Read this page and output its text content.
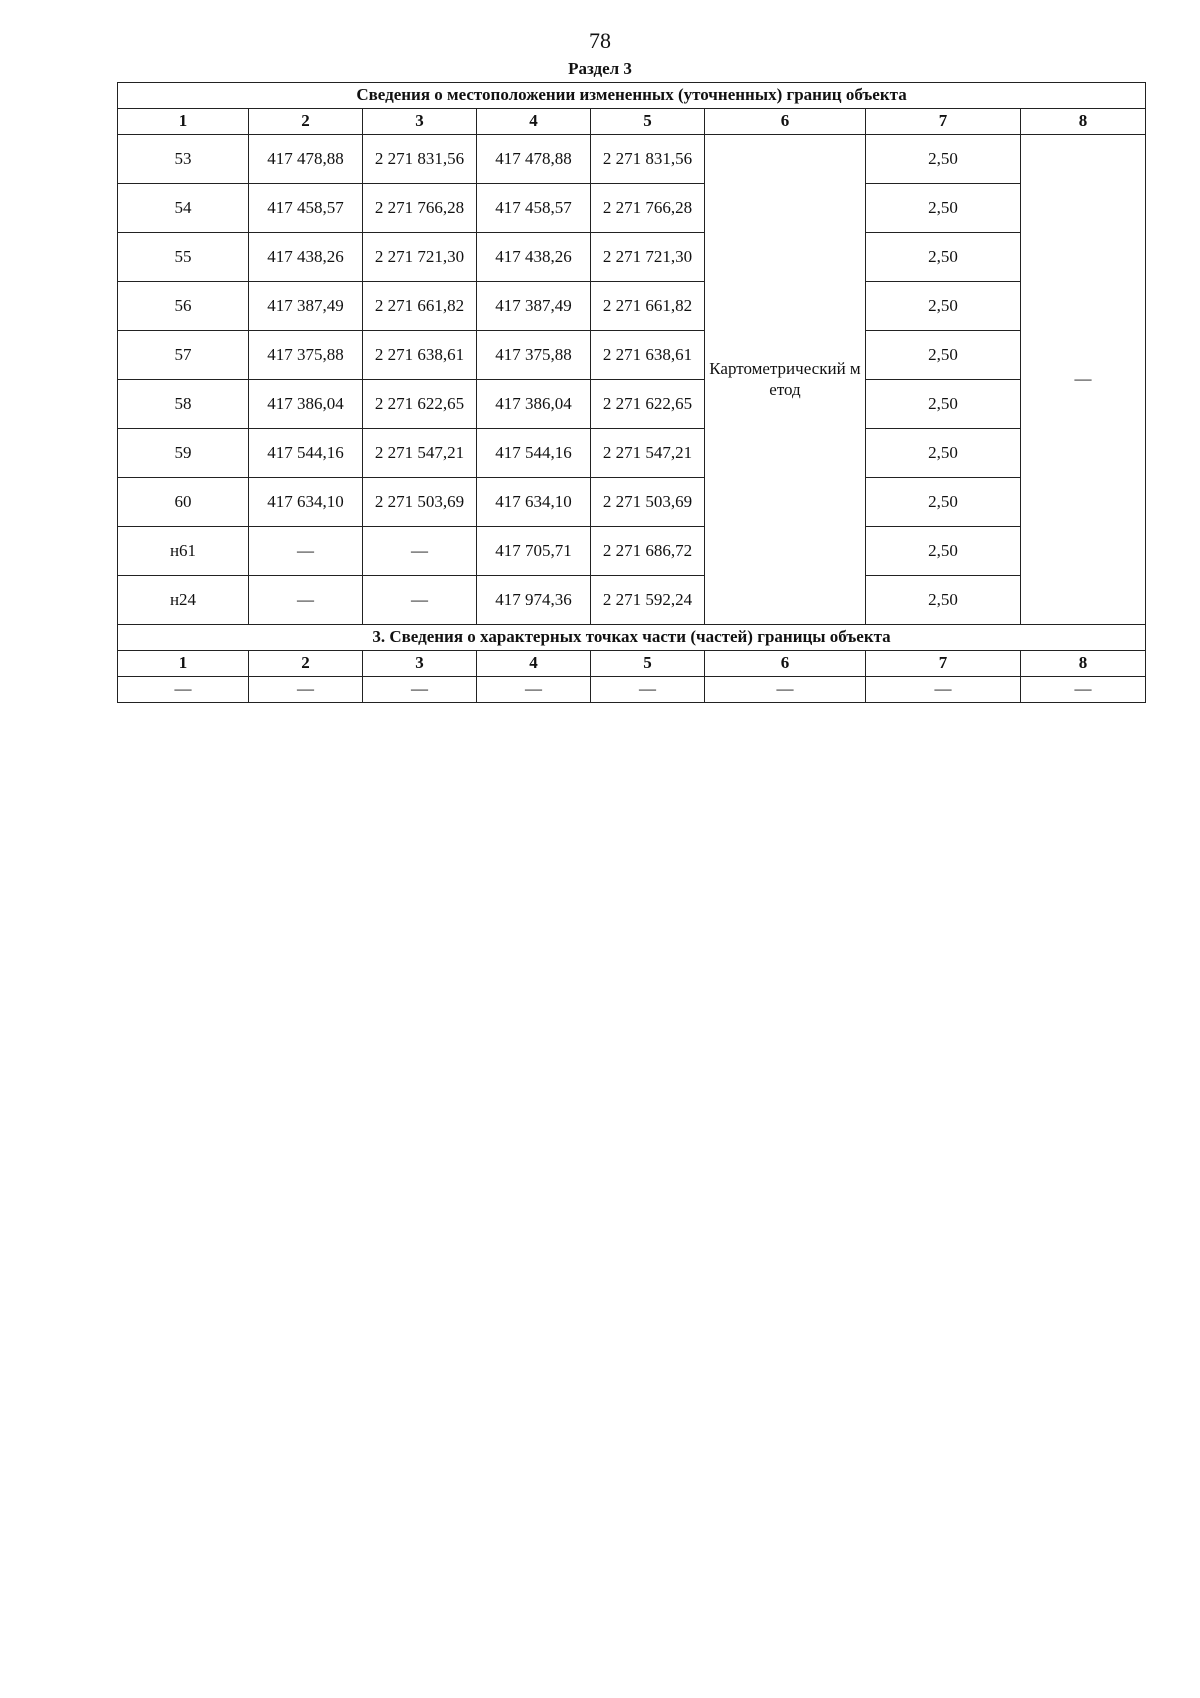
78
Раздел 3
Сведения о местоположении измененных (уточненных) границ объекта							
1	2	3	4	5	6	7	8
53	417 478,88	2 271 831,56	417 478,88	2 271 831,56	Картометрический метод	2,50	—
54	417 458,57	2 271 766,28	417 458,57	2 271 766,28		2,50	
55	417 438,26	2 271 721,30	417 438,26	2 271 721,30		2,50	
56	417 387,49	2 271 661,82	417 387,49	2 271 661,82		2,50	
57	417 375,88	2 271 638,61	417 375,88	2 271 638,61		2,50	
58	417 386,04	2 271 622,65	417 386,04	2 271 622,65		2,50	
59	417 544,16	2 271 547,21	417 544,16	2 271 547,21		2,50	
60	417 634,10	2 271 503,69	417 634,10	2 271 503,69		2,50	
н61	—	—	417 705,71	2 271 686,72		2,50	
н24	—	—	417 974,36	2 271 592,24		2,50	
3. Сведения о характерных точках части (частей) границы объекта							
1	2	3	4	5	6	7	8
—	—	—	—	—	—	—	—
